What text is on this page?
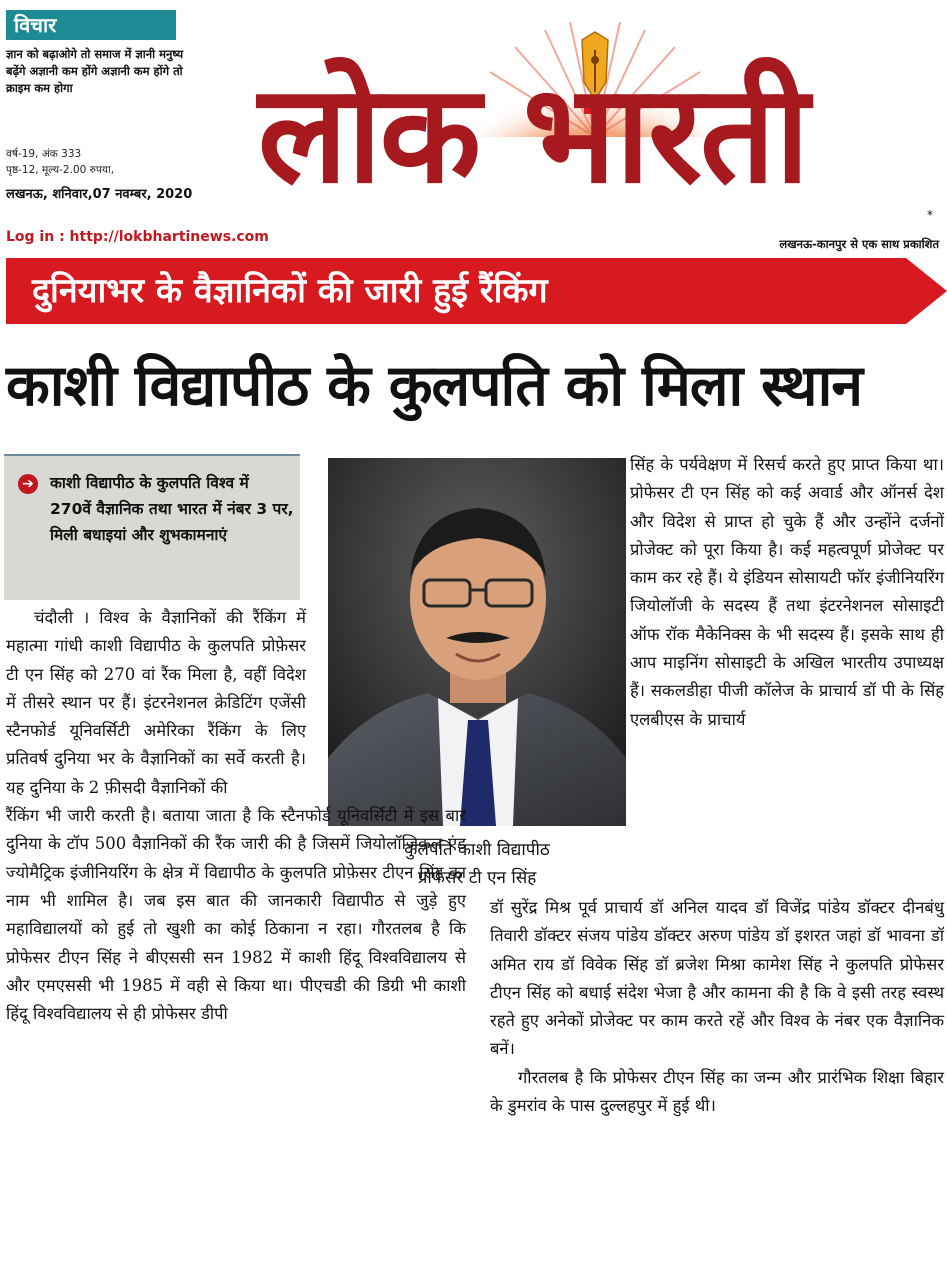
विचार
ज्ञान को बढ़ाओगे तो समाज में ज्ञानी मनुष्य बढ़ेंगे अज्ञानी कम होंगे अज्ञानी कम होंगे तो क्राइम कम होगा
वर्ष-19, अंक 333
पृष्ठ-12, मूल्य-2.00 रुपया,
लखनऊ, शनिवार,07 नवम्बर, 2020 लोक भारती
*
Log in : http://lokbhartinews.com	लखनऊ-कानपुर से एक साथ प्रकाशित
दुनियाभर के वैज्ञानिकों की जारी हुई रैंकिंग
काशी विद्यापीठ के कुलपति को मिला स्थान
➔ काशी विद्यापीठ के कुलपति विश्व में 270वें वैज्ञानिक तथा भारत में नंबर 3 पर, मिली बधाइयां और शुभकामनाएं
कुलपति काशी विद्यापीठ
प्रोफेसर टी एन सिंह

चंदौली । विश्व के वैज्ञानिकों की रैंकिंग में महात्मा गांधी काशी विद्यापीठ के कुलपति प्रोफ़ेसर टी एन सिंह को 270 वां रैंक मिला है, वहीं विदेश में तीसरे स्थान पर हैं। इंटरनेशनल क्रेडिटिंग एजेंसी स्टैनफोर्ड यूनिवर्सिटी अमेरिका रैंकिंग के लिए प्रतिवर्ष दुनिया भर के वैज्ञानिकों का सर्वे करती है। यह दुनिया के 2 फ़ीसदी वैज्ञानिकों की

रैंकिंग भी जारी करती है। बताया जाता है कि स्टैनफोर्ड यूनिवर्सिटी में इस बार दुनिया के टॉप 500 वैज्ञानिकों की रैंक जारी की है जिसमें जियोलॉजिकल एंड ज्योमैट्रिक इंजीनियरिंग के क्षेत्र में विद्यापीठ के कुलपति प्रोफ़ेसर टीएन सिंह का नाम भी शामिल है। जब इस बात की जानकारी विद्यापीठ से जुड़े हुए महाविद्यालयों को हुई तो खुशी का कोई ठिकाना न रहा। गौरतलब है कि प्रोफेसर टीएन सिंह ने बीएससी सन 1982 में काशी हिंदू विश्वविद्यालय से और एमएससी भी 1985 में वही से किया था। पीएचडी की डिग्री भी काशी हिंदू विश्वविद्यालय से ही प्रोफेसर डीपी

सिंह के पर्यवेक्षण में रिसर्च करते हुए प्राप्त किया था। प्रोफेसर टी एन सिंह को कई अवार्ड और ऑनर्स देश और विदेश से प्राप्त हो चुके हैं और उन्होंने दर्जनों प्रोजेक्ट को पूरा किया है। कई महत्वपूर्ण प्रोजेक्ट पर काम कर रहे हैं। ये इंडियन सोसायटी फॉर इंजीनियरिंग जियोलॉजी के सदस्य हैं तथा इंटरनेशनल सोसाइटी ऑफ रॉक मैकेनिक्स के भी सदस्य हैं। इसके साथ ही आप माइनिंग सोसाइटी के अखिल भारतीय उपाध्यक्ष हैं। सकलडीहा पीजी कॉलेज के प्राचार्य डॉ पी के सिंह एलबीएस के प्राचार्य

डॉ सुरेंद्र मिश्र पूर्व प्राचार्य डॉ अनिल यादव डॉ विजेंद्र पांडेय डॉक्टर दीनबंधु तिवारी डॉक्टर संजय पांडेय डॉक्टर अरुण पांडेय डॉ इशरत जहां डॉ भावना डॉ अमित राय डॉ विवेक सिंह डॉ ब्रजेश मिश्रा कामेश सिंह ने कुलपति प्रोफेसर टीएन सिंह को बधाई संदेश भेजा है और कामना की है कि वे इसी तरह स्वस्थ रहते हुए अनेकों प्रोजेक्ट पर काम करते रहें और विश्व के नंबर एक वैज्ञानिक बनें।

गौरतलब है कि प्रोफेसर टीएन सिंह का जन्म और प्रारंभिक शिक्षा बिहार के डुमरांव के पास दुल्लहपुर में हुई थी।
